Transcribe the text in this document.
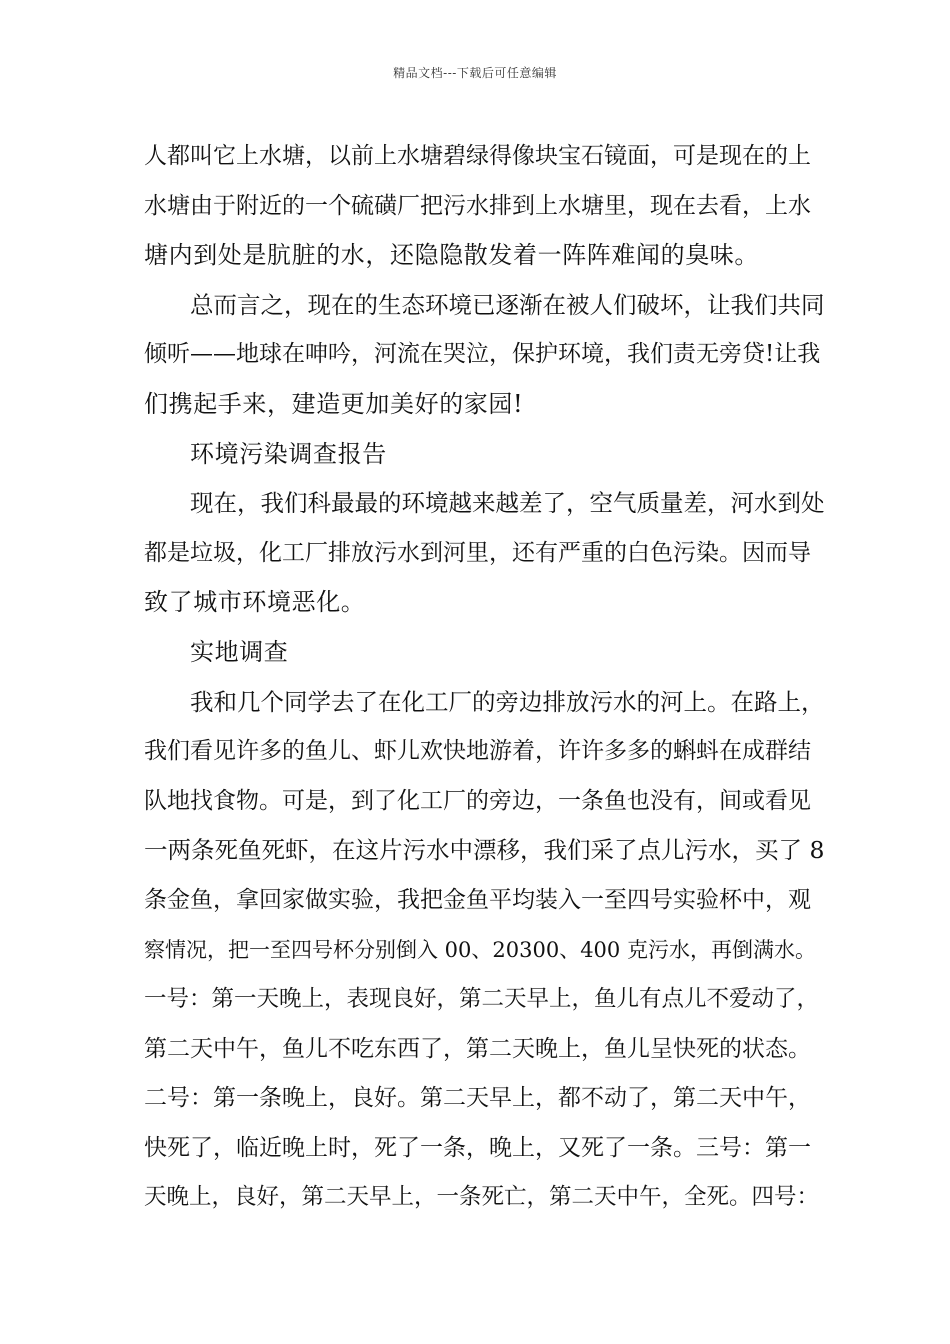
精品文档---下载后可任意编辑
人都叫它上水塘，以前上水塘碧绿得像块宝石镜面，可是现在的上
水塘由于附近的一个硫磺厂把污水排到上水塘里，现在去看，上水
塘内到处是肮脏的水，还隐隐散发着一阵阵难闻的臭味。
总而言之，现在的生态环境已逐渐在被人们破坏，让我们共同
倾听——地球在呻吟，河流在哭泣，保护环境，我们责无旁贷!让我
们携起手来，建造更加美好的家园!
环境污染调查报告
现在，我们科最最的环境越来越差了，空气质量差，河水到处
都是垃圾，化工厂排放污水到河里，还有严重的白色污染。因而导
致了城市环境恶化。
实地调查
我和几个同学去了在化工厂的旁边排放污水的河上。在路上，
我们看见许多的鱼儿、虾儿欢快地游着，许许多多的蝌蚪在成群结
队地找食物。可是，到了化工厂的旁边，一条鱼也没有，间或看见
一两条死鱼死虾，在这片污水中漂移，我们采了点儿污水，买了 8
条金鱼，拿回家做实验，我把金鱼平均装入一至四号实验杯中，观
察情况，把一至四号杯分别倒入 00、20300、400 克污水，再倒满水。
一号：第一天晚上，表现良好，第二天早上，鱼儿有点儿不爱动了，
第二天中午，鱼儿不吃东西了，第二天晚上，鱼儿呈快死的状态。
二号：第一条晚上，良好。第二天早上，都不动了，第二天中午，
快死了，临近晚上时，死了一条，晚上，又死了一条。三号：第一
天晚上，良好，第二天早上，一条死亡，第二天中午，全死。四号：
